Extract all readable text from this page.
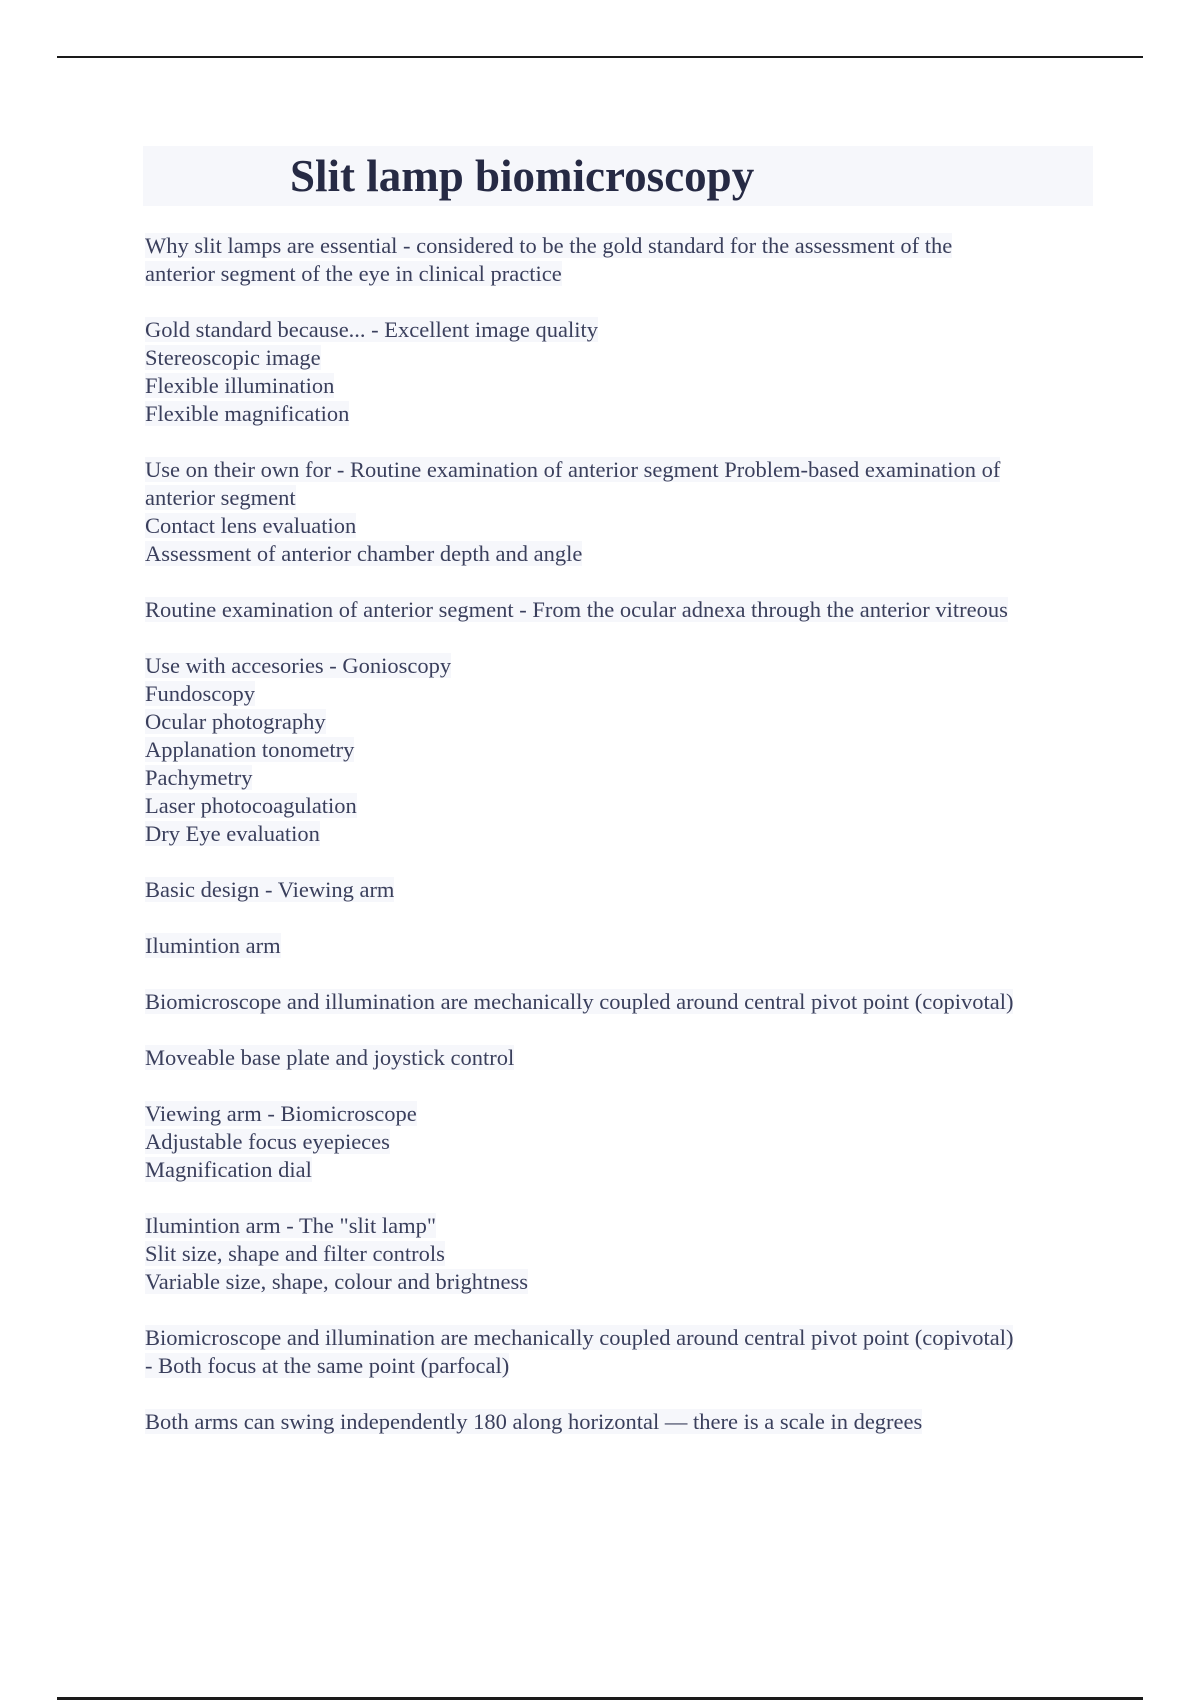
Slit lamp biomicroscopy
Why slit lamps are essential - considered to be the gold standard for the assessment of the
anterior segment of the eye in clinical practice
Gold standard because... - Excellent image quality
Stereoscopic image
Flexible illumination
Flexible magnification
Use on their own for - Routine examination of anterior segment Problem-based examination of
anterior segment
Contact lens evaluation
Assessment of anterior chamber depth and angle
Routine examination of anterior segment - From the ocular adnexa through the anterior vitreous
Use with accesories - Gonioscopy
Fundoscopy
Ocular photography
Applanation tonometry
Pachymetry
Laser photocoagulation
Dry Eye evaluation
Basic design - Viewing arm
Ilumintion arm
Biomicroscope and illumination are mechanically coupled around central pivot point (copivotal)
Moveable base plate and joystick control
Viewing arm - Biomicroscope
Adjustable focus eyepieces
Magnification dial
Ilumintion arm - The "slit lamp"
Slit size, shape and filter controls
Variable size, shape, colour and brightness
Biomicroscope and illumination are mechanically coupled around central pivot point (copivotal)
- Both focus at the same point (parfocal)
Both arms can swing independently 180 along horizontal — there is a scale in degrees
